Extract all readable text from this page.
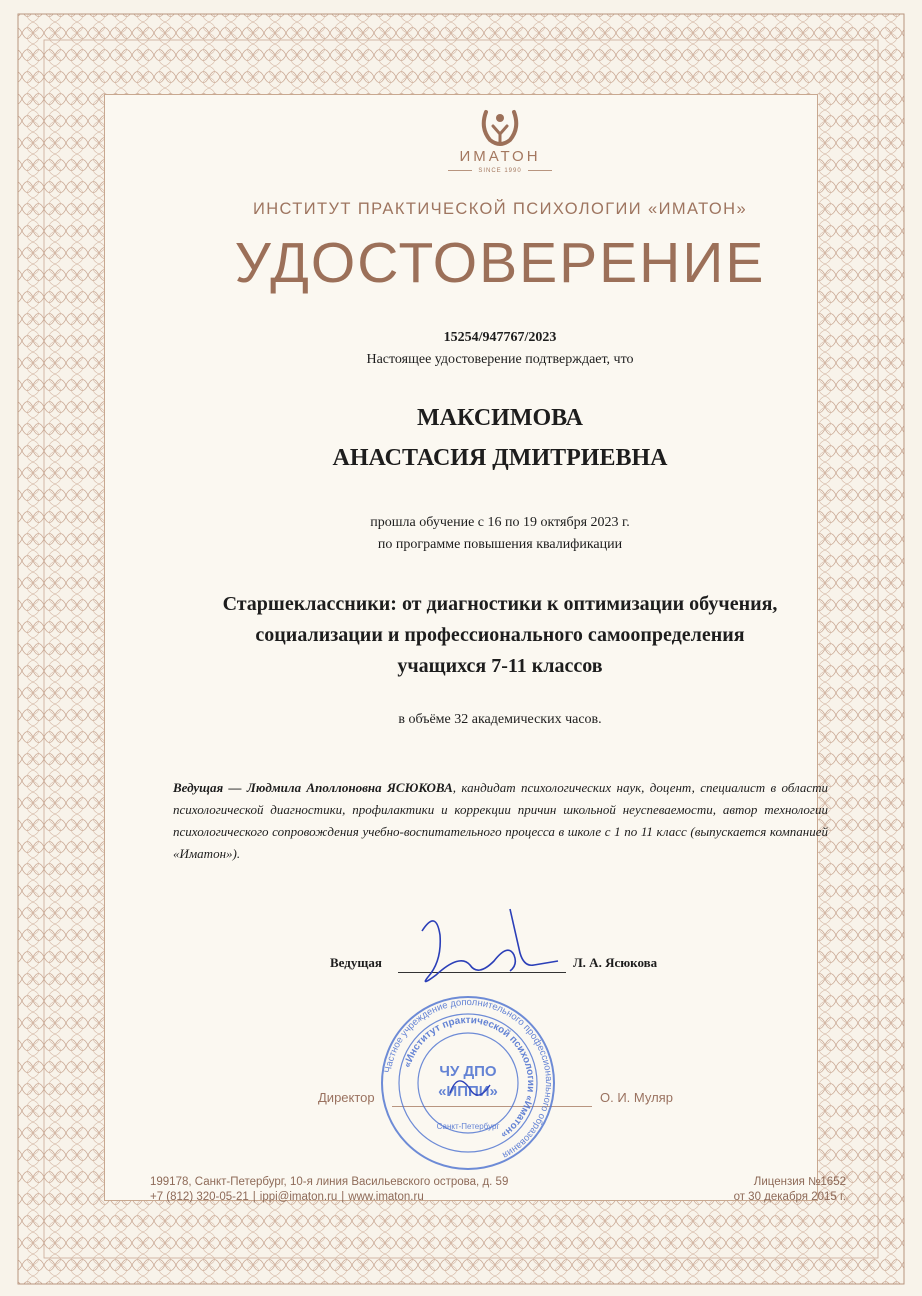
ИМАТОН
SINCE 1990
ИНСТИТУТ ПРАКТИЧЕСКОЙ ПСИХОЛОГИИ «ИМАТОН»
УДОСТОВЕРЕНИЕ
15254/947767/2023
Настоящее удостоверение подтверждает, что
МАКСИМОВА
АНАСТАСИЯ ДМИТРИЕВНА
прошла обучение с 16 по 19 октября 2023 г.
по программе повышения квалификации
Старшеклассники: от диагностики к оптимизации обучения,
социализации и профессионального самоопределения
учащихся 7-11 классов
в объёме 32 академических часов.
Ведущая — Людмила Аполлоновна ЯСЮКОВА, кандидат психологических наук, доцент, специалист в области психологической диагностики, профилактики и коррекции причин школьной неуспеваемости, автор технологии психологического сопровождения учебно-воспитательного процесса в школе с 1 по 11 класс (выпускается компанией «Иматон»).
Ведущая	Л. А. Ясюкова
Директор	О. И. Муляр
Частное учреждение дополнительного профессионального образования
«Институт практической психологии «Иматон»
ЧУ ДПО
«ИППИ»
Санкт-Петербург
199178, Санкт-Петербург, 10-я линия Васильевского острова, д. 59
+7 (812) 320-05-21 | ippi@imaton.ru | www.imaton.ru
Лицензия №1652
от 30 декабря 2015 г.
